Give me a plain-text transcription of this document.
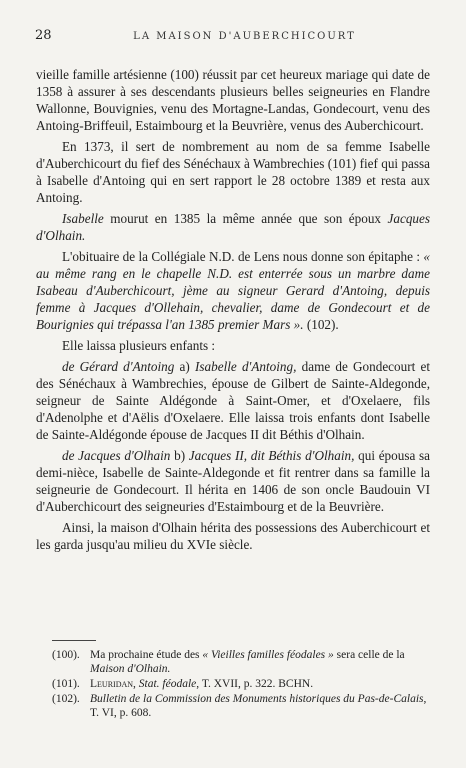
28	LA MAISON D'AUBERCHICOURT

vieille famille artésienne (100) réussit par cet heureux mariage qui date de 1358 à assurer à ses descendants plusieurs belles seigneuries en Flandre Wallonne, Bouvignies, venu des Mortagne-Landas, Gondecourt, venu des Antoing-Briffeuil, Estaimbourg et la Beuvrière, venus des Auberchicourt.

En 1373, il sert de nombrement au nom de sa femme Isabelle d'Auberchicourt du fief des Sénéchaux à Wambrechies (101) fief qui passa à Isabelle d'Antoing qui en sert rapport le 28 octobre 1389 et resta aux Antoing.

Isabelle mourut en 1385 la même année que son époux Jacques d'Olhain.

L'obituaire de la Collégiale N.D. de Lens nous donne son épitaphe : « au même rang en le chapelle N.D. est enterrée sous un marbre dame Isabeau d'Auberchicourt, jème au signeur Gerard d'Antoing, depuis femme à Jacques d'Ollehain, chevalier, dame de Gondecourt et de Bourignies qui trépassa l'an 1385 premier Mars ». (102).

Elle laissa plusieurs enfants :

de Gérard d'Antoing a) Isabelle d'Antoing, dame de Gondecourt et des Sénéchaux à Wambrechies, épouse de Gilbert de Sainte-Aldegonde, seigneur de Sainte Aldégonde à Saint-Omer, et d'Oxelaere, fils d'Adenolphe et d'Aëlis d'Oxelaere. Elle laissa trois enfants dont Isabelle de Sainte-Aldégonde épouse de Jacques II dit Béthis d'Olhain.

de Jacques d'Olhain b) Jacques II, dit Béthis d'Olhain, qui épousa sa demi-nièce, Isabelle de Sainte-Aldegonde et fit rentrer dans sa famille la seigneurie de Gondecourt. Il hérita en 1406 de son oncle Baudouin VI d'Auberchicourt des seigneuries d'Estaimbourg et de la Beuvrière.

Ainsi, la maison d'Olhain hérita des possessions des Auberchicourt et les garda jusqu'au milieu du XVIe siècle.

(100). Ma prochaine étude des « Vieilles familles féodales » sera celle de la Maison d'Olhain.

(101). Leuridan, Stat. féodale, T. XVII, p. 322. BCHN.

(102). Bulletin de la Commission des Monuments historiques du Pas-de-Calais, T. VI, p. 608.
